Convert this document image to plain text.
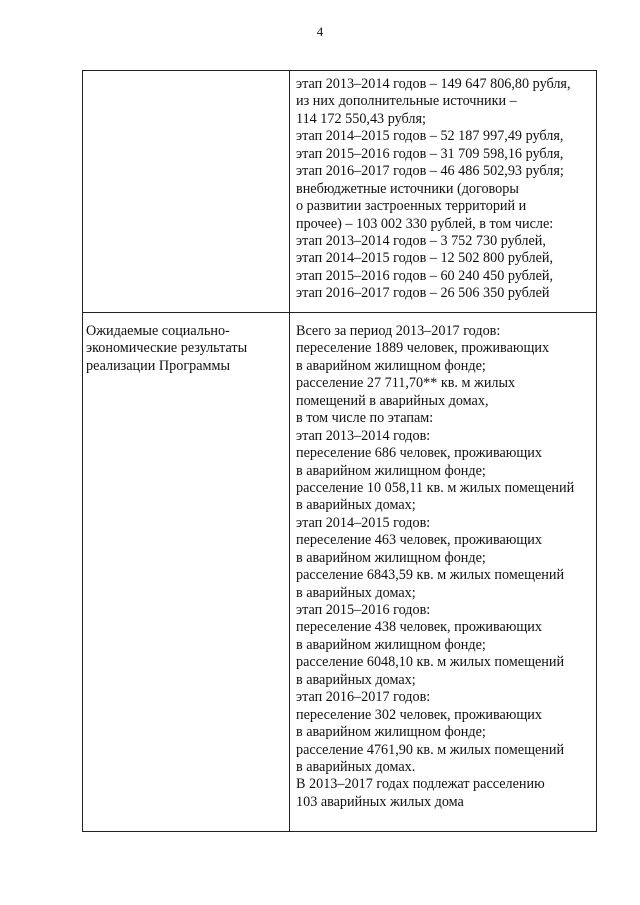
4
этап 2013–2014 годов – 149 647 806,80 рубля,
из них дополнительные источники –
114 172 550,43 рубля;
этап 2014–2015 годов – 52 187 997,49 рубля,
этап 2015–2016 годов – 31 709 598,16 рубля,
этап 2016–2017 годов – 46 486 502,93 рубля;
внебюджетные источники (договоры
о развитии застроенных территорий и
прочее) – 103 002 330 рублей, в том числе:
этап 2013–2014 годов – 3 752 730 рублей,
этап 2014–2015 годов – 12 502 800 рублей,
этап 2015–2016 годов – 60 240 450 рублей,
этап 2016–2017 годов – 26 506 350 рублей
Ожидаемые социально-
экономические результаты
реализации Программы
Всего за период 2013–2017 годов:
переселение 1889 человек, проживающих
в аварийном жилищном фонде;
расселение 27 711,70** кв. м жилых
помещений в аварийных домах,
в том числе по этапам:
этап 2013–2014 годов:
переселение 686 человек, проживающих
в аварийном жилищном фонде;
расселение 10 058,11 кв. м жилых помещений
в аварийных домах;
этап 2014–2015 годов:
переселение 463 человек, проживающих
в аварийном жилищном фонде;
расселение 6843,59 кв. м жилых помещений
в аварийных домах;
этап 2015–2016 годов:
переселение 438 человек, проживающих
в аварийном жилищном фонде;
расселение 6048,10 кв. м жилых помещений
в аварийных домах;
этап 2016–2017 годов:
переселение 302 человек, проживающих
в аварийном жилищном фонде;
расселение 4761,90 кв. м жилых помещений
в аварийных домах.
В 2013–2017 годах подлежат расселению
103 аварийных жилых дома
